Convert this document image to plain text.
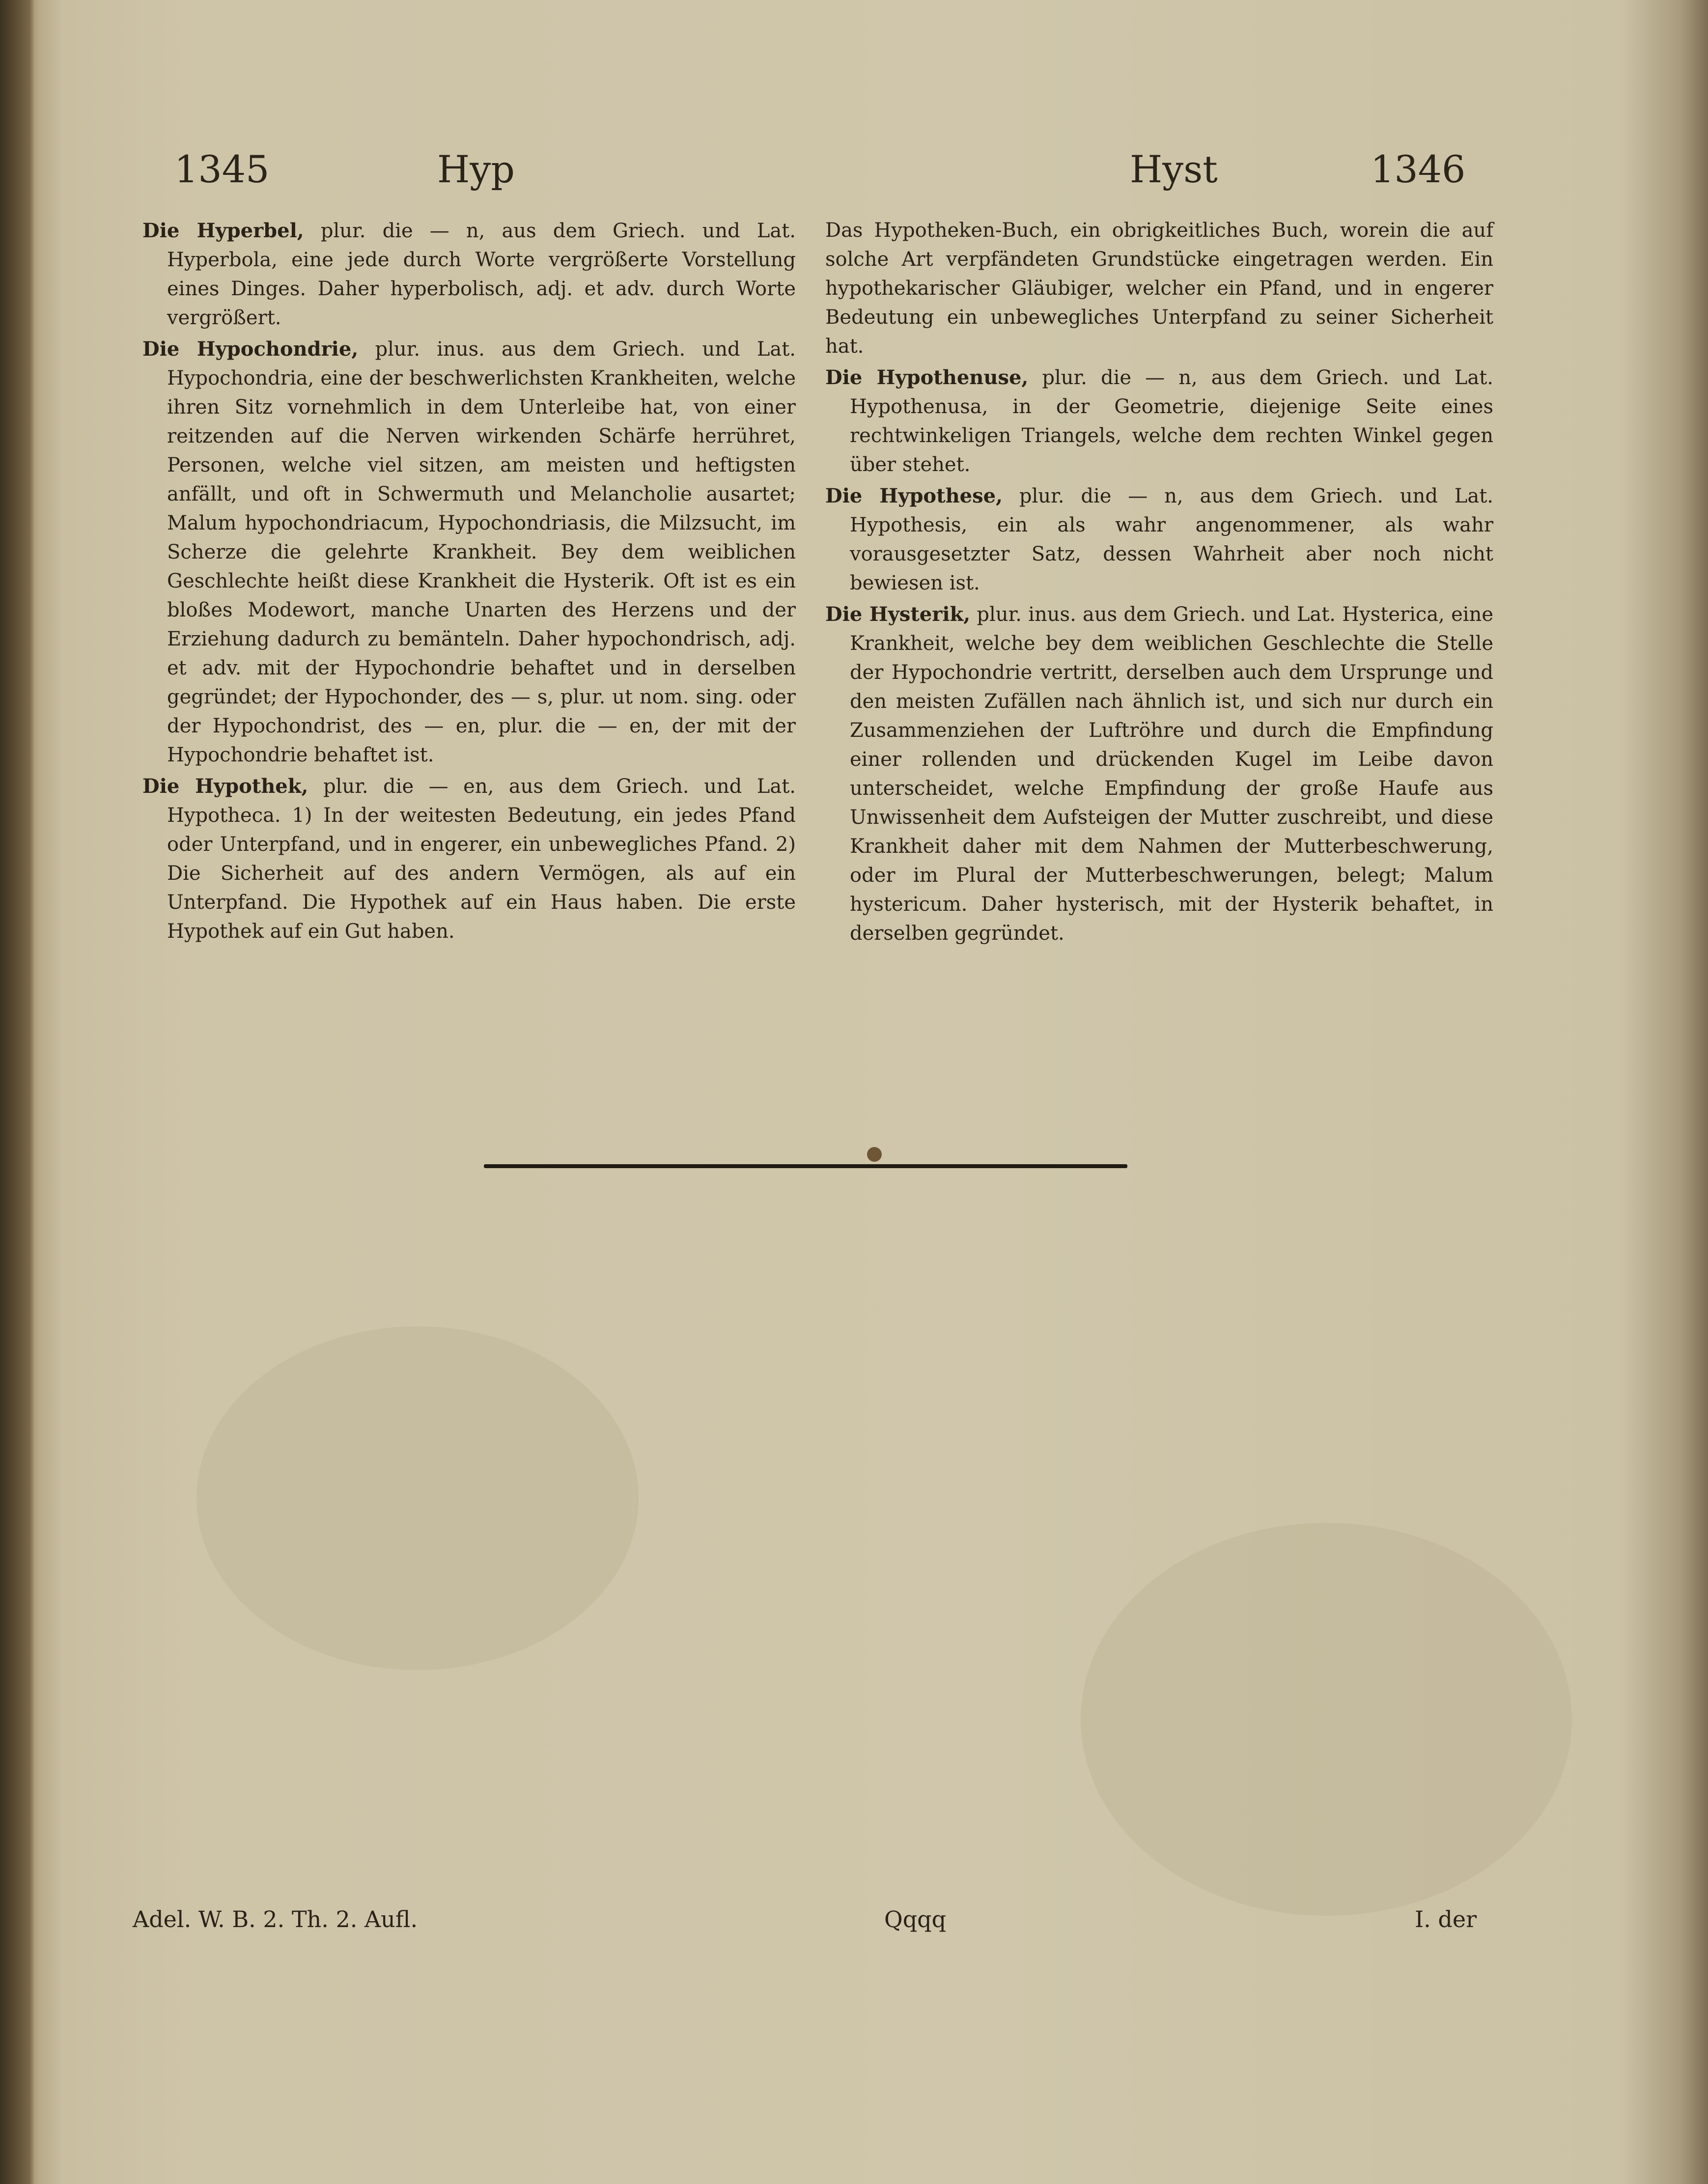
1345	Hyp	Hyst	1346

Die Hyperbel, plur. die — n, aus dem Griech. und Lat. Hyperbola, eine jede durch Worte vergrößerte Vorstellung eines Dinges. Daher hyperbolisch, adj. et adv. durch Worte vergrößert.

Die Hypochondrie, plur. inus. aus dem Griech. und Lat. Hypochondria, eine der beschwerlichsten Krankheiten, welche ihren Sitz vornehmlich in dem Unterleibe hat, von einer reitzenden auf die Nerven wirkenden Schärfe herrühret, Personen, welche viel sitzen, am meisten und heftigsten anfällt, und oft in Schwermuth und Melancholie ausartet; Malum hypochondriacum, Hypochondriasis, die Milzsucht, im Scherze die gelehrte Krankheit. Bey dem weiblichen Geschlechte heißt diese Krankheit die Hysterik. Oft ist es ein bloßes Modewort, manche Unarten des Herzens und der Erziehung dadurch zu bemänteln. Daher hypochondrisch, adj. et adv. mit der Hypochondrie behaftet und in derselben gegründet; der Hypochonder, des — s, plur. ut nom. sing. oder der Hypochondrist, des — en, plur. die — en, der mit der Hypochondrie behaftet ist.

Die Hypothek, plur. die — en, aus dem Griech. und Lat. Hypotheca. 1) In der weitesten Bedeutung, ein jedes Pfand oder Unterpfand, und in engerer, ein unbewegliches Pfand. 2) Die Sicherheit auf des andern Vermögen, als auf ein Unterpfand. Die Hypothek auf ein Haus haben. Die erste Hypothek auf ein Gut haben.

Das Hypotheken-Buch, ein obrigkeitliches Buch, worein die auf solche Art verpfändeten Grundstücke eingetragen werden. Ein hypothekarischer Gläubiger, welcher ein Pfand, und in engerer Bedeutung ein unbewegliches Unterpfand zu seiner Sicherheit hat.

Die Hypothenuse, plur. die — n, aus dem Griech. und Lat. Hypothenusa, in der Geometrie, diejenige Seite eines rechtwinkeligen Triangels, welche dem rechten Winkel gegen über stehet.

Die Hypothese, plur. die — n, aus dem Griech. und Lat. Hypothesis, ein als wahr angenommener, als wahr vorausgesetzter Satz, dessen Wahrheit aber noch nicht bewiesen ist.

Die Hysterik, plur. inus. aus dem Griech. und Lat. Hysterica, eine Krankheit, welche bey dem weiblichen Geschlechte die Stelle der Hypochondrie vertritt, derselben auch dem Ursprunge und den meisten Zufällen nach ähnlich ist, und sich nur durch ein Zusammenziehen der Luftröhre und durch die Empfindung einer rollenden und drückenden Kugel im Leibe davon unterscheidet, welche Empfindung der große Haufe aus Unwissenheit dem Aufsteigen der Mutter zuschreibt, und diese Krankheit daher mit dem Nahmen der Mutterbeschwerung, oder im Plural der Mutterbeschwerungen, belegt; Malum hystericum. Daher hysterisch, mit der Hysterik behaftet, in derselben gegründet.

Adel. W. B. 2. Th. 2. Aufl.	Qqqq	I. der
